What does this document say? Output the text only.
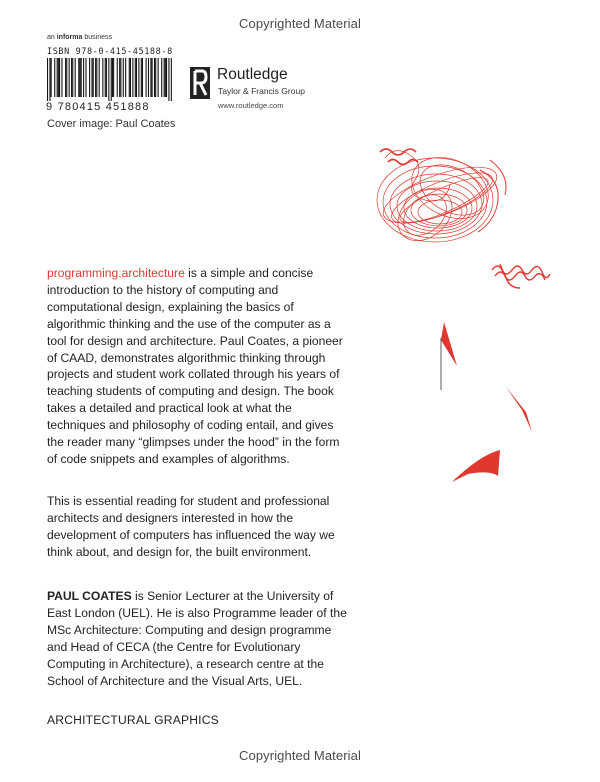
Copyrighted Material
an informa business
ISBN 978-0-415-45188-8
9 780415 451888
Cover image: Paul Coates
Routledge
Taylor & Francis Group
www.routledge.com
programming.architecture is a simple and concise introduction to the history of computing and computational design, explaining the basics of algorithmic thinking and the use of the computer as a tool for design and architecture. Paul Coates, a pioneer of CAAD, demonstrates algorithmic thinking through projects and student work collated through his years of teaching students of computing and design. The book takes a detailed and practical look at what the techniques and philosophy of coding entail, and gives the reader many “glimpses under the hood” in the form of code snippets and examples of algorithms.
This is essential reading for student and professional architects and designers interested in how the development of computers has influenced the way we think about, and design for, the built environment.
PAUL COATES is Senior Lecturer at the University of East London (UEL). He is also Programme leader of the MSc Architecture: Computing and design programme and Head of CECA (the Centre for Evolutionary Computing in Architecture), a research centre at the School of Architecture and the Visual Arts, UEL.
ARCHITECTURAL GRAPHICS
Copyrighted Material
